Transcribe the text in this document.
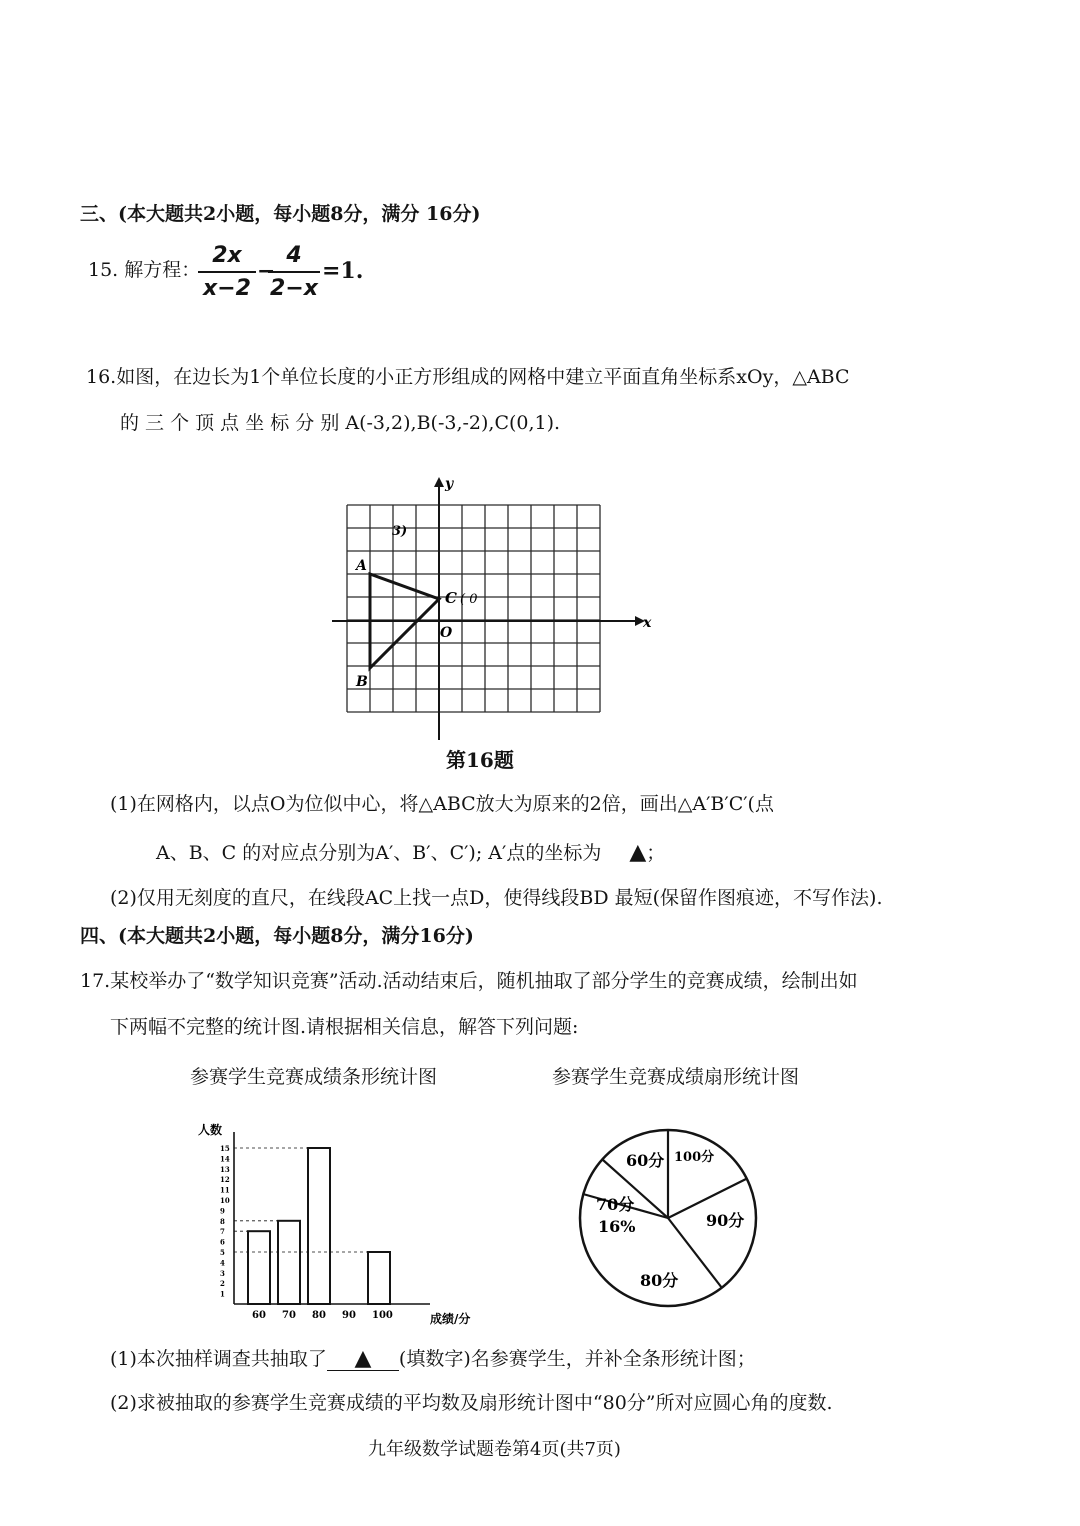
三、(本大题共2小题，每小题8分，满分 16分)
15. 解方程：
2x
x−2
−
4
2−x
=1.
16.如图，在边长为1个单位长度的小正方形组成的网格中建立平面直角坐标系xOy，△ABC
的 三 个 顶 点 坐 标 分 别 A(-3,2),B(-3,-2),C(0,1).
y
x
A
B
C
O
( 0
3)
第16题
(1)在网格内，以点O为位似中心，将△ABC放大为原来的2倍，画出△A′B′C′(点
A、B、C 的对应点分别为A′、B′、C′); A′点的坐标为 ▲；
(2)仅用无刻度的直尺，在线段AC上找一点D，使得线段BD 最短(保留作图痕迹，不写作法).
四、(本大题共2小题，每小题8分，满分16分)
17.某校举办了“数学知识竞赛”活动.活动结束后，随机抽取了部分学生的竞赛成绩，绘制出如
下两幅不完整的统计图.请根据相关信息，解答下列问题:
参赛学生竞赛成绩条形统计图	参赛学生竞赛成绩扇形统计图
1
2
3
4
5
6
7
8
9
10
11
12
13
14
15
60 70 80 90 100
人数
成绩/分
60分 100分
90分
80分
70分
16%
(1)本次抽样调查共抽取了 ▲ (填数字)名参赛学生，并补全条形统计图；
(2)求被抽取的参赛学生竞赛成绩的平均数及扇形统计图中“80分”所对应圆心角的度数.
九年级数学试题卷第4页(共7页)
